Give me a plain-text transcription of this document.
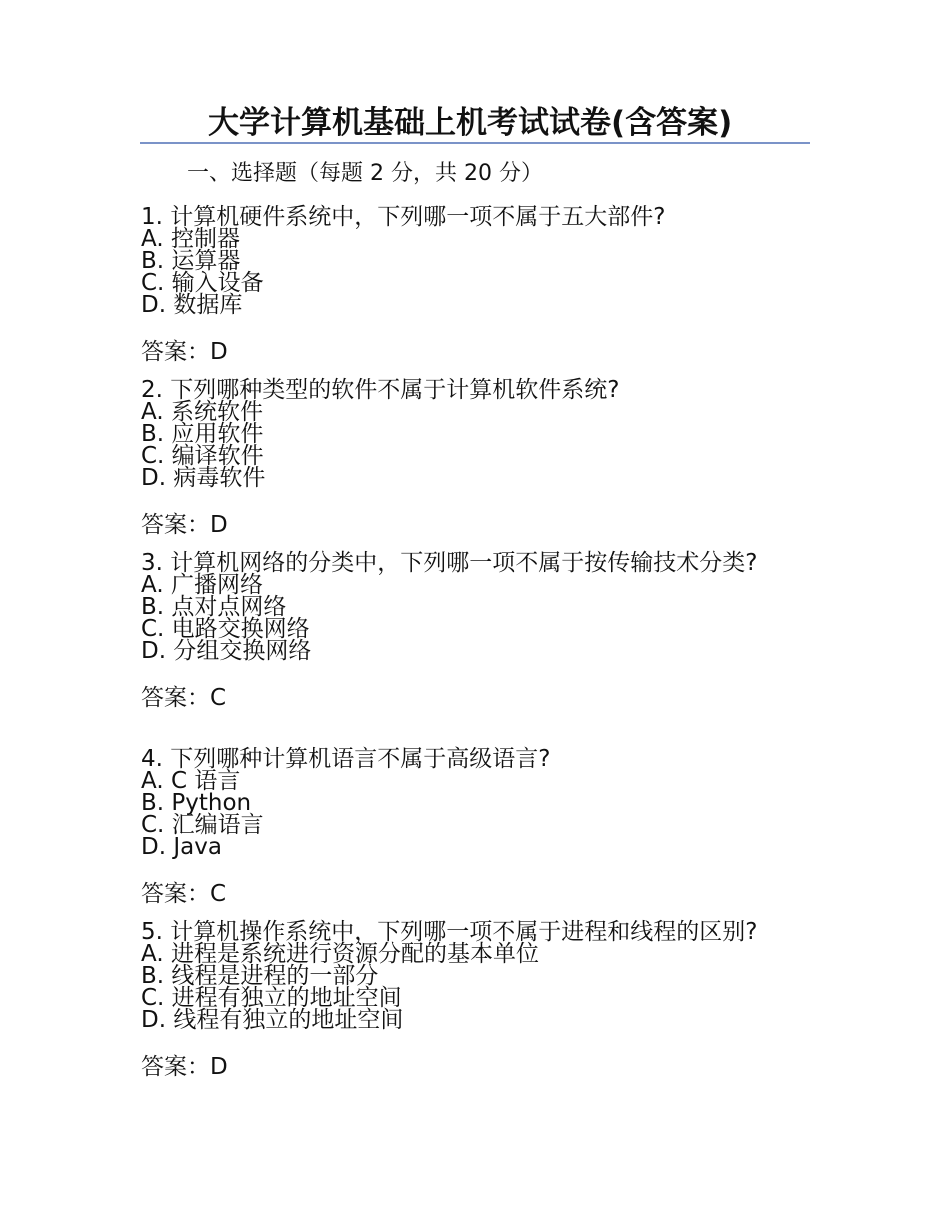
大学计算机基础上机考试试卷(含答案)
一、选择题（每题 2 分，共 20 分）
1. 计算机硬件系统中，下列哪一项不属于五大部件?
A. 控制器
B. 运算器
C. 输入设备
D. 数据库
答案：D
2. 下列哪种类型的软件不属于计算机软件系统?
A. 系统软件
B. 应用软件
C. 编译软件
D. 病毒软件
答案：D
3. 计算机网络的分类中，下列哪一项不属于按传输技术分类?
A. 广播网络
B. 点对点网络
C. 电路交换网络
D. 分组交换网络
答案：C
4. 下列哪种计算机语言不属于高级语言?
A. C 语言
B. Python
C. 汇编语言
D. Java
答案：C
5. 计算机操作系统中，下列哪一项不属于进程和线程的区别?
A. 进程是系统进行资源分配的基本单位
B. 线程是进程的一部分
C. 进程有独立的地址空间
D. 线程有独立的地址空间
答案：D
